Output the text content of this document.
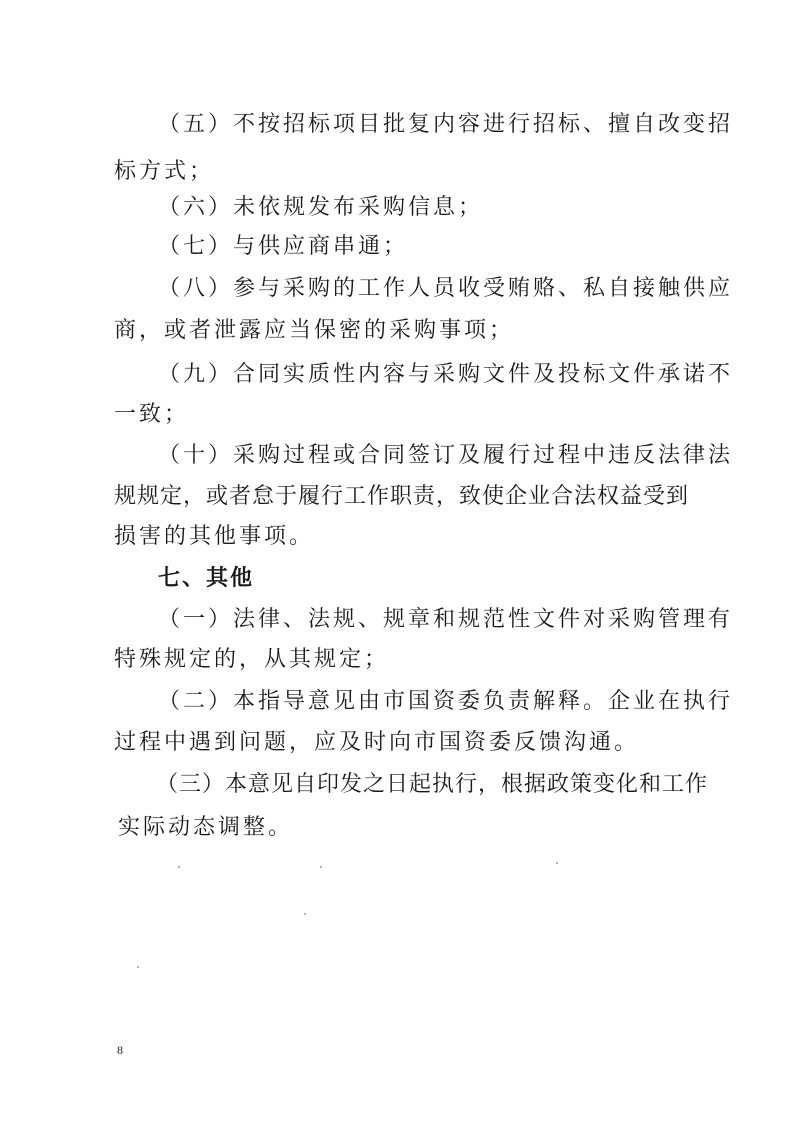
（五）不按招标项目批复内容进行招标、擅自改变招
标方式；
（六）未依规发布采购信息；
（七）与供应商串通；
（八）参与采购的工作人员收受贿赂、私自接触供应
商，或者泄露应当保密的采购事项；
（九）合同实质性内容与采购文件及投标文件承诺不
一致；
（十）采购过程或合同签订及履行过程中违反法律法
规规定，或者怠于履行工作职责，致使企业合法权益受到
损害的其他事项。
七、其他
（一）法律、法规、规章和规范性文件对采购管理有
特殊规定的，从其规定；
（二）本指导意见由市国资委负责解释。企业在执行
过程中遇到问题，应及时向市国资委反馈沟通。
（三）本意见自印发之日起执行，根据政策变化和工作
实际动态调整。
8
